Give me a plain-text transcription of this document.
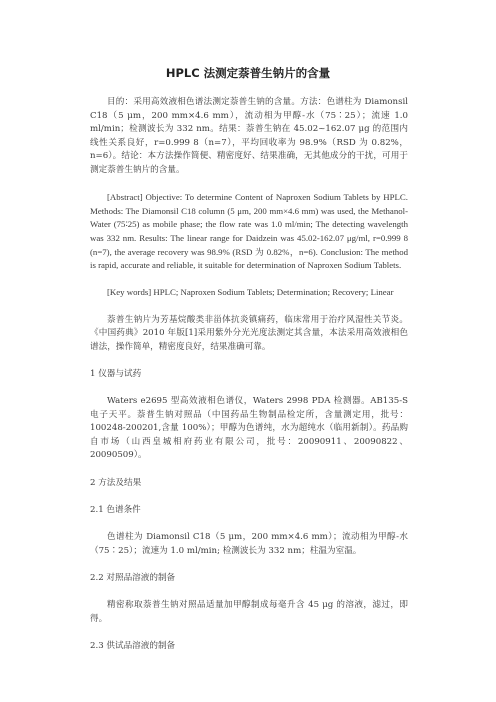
HPLC 法测定萘普生钠片的含量

目的：采用高效液相色谱法测定萘普生钠的含量。方法：色谱柱为 Diamonsil C18（5 μm，200 mm×4.6 mm），流动相为甲醇-水（75∶25）；流速 1.0 ml/min；检测波长为 332 nm。结果：萘普生钠在 45.02~162.07 μg 的范围内线性关系良好，r=0.999 8（n=7），平均回收率为 98.9%（RSD 为 0.82%，n=6）。结论：本方法操作简便、精密度好、结果准确，无其他成分的干扰，可用于测定萘普生钠片的含量。

[Abstract] Objective: To determine Content of Naproxen Sodium Tablets by HPLC. Methods: The Diamonsil C18 column (5 μm, 200 mm×4.6 mm) was used, the Methanol-Water (75∶25) as mobile phase; the flow rate was 1.0 ml/min; The detecting wavelength was 332 nm. Results: The linear range for Daidzein was 45.02-162.07 μg/ml, r=0.999 8 (n=7), the average recovery was 98.9% (RSD 为 0.82%，n=6). Conclusion: The method is rapid, accurate and reliable, it suitable for determination of Naproxen Sodium Tablets.

[Key words] HPLC; Naproxen Sodium Tablets; Determination; Recovery; Linear

萘普生钠片为芳基烷酸类非甾体抗炎镇痛药，临床常用于治疗风湿性关节炎。《中国药典》2010 年版[1]采用紫外分光光度法测定其含量，本法采用高效液相色谱法，操作简单，精密度良好，结果准确可靠。

1 仪器与试药

Waters e2695 型高效液相色谱仪，Waters 2998 PDA 检测器。AB135-S 电子天平。萘普生钠对照品（中国药品生物制品检定所，含量测定用，批号：100248-200201,含量 100%）；甲醇为色谱纯，水为超纯水（临用新制）。药品购自市场（山西皇城相府药业有限公司，批号：20090911、20090822、20090509）。

2 方法及结果

2.1 色谱条件

色谱柱为 Diamonsil C18（5 μm，200 mm×4.6 mm）；流动相为甲醇-水（75∶25）；流速为 1.0 ml/min; 检测波长为 332 nm；柱温为室温。

2.2 对照品溶液的制备

精密称取萘普生钠对照品适量加甲醇制成每毫升含 45 μg 的溶液，滤过，即得。

2.3 供试品溶液的制备
